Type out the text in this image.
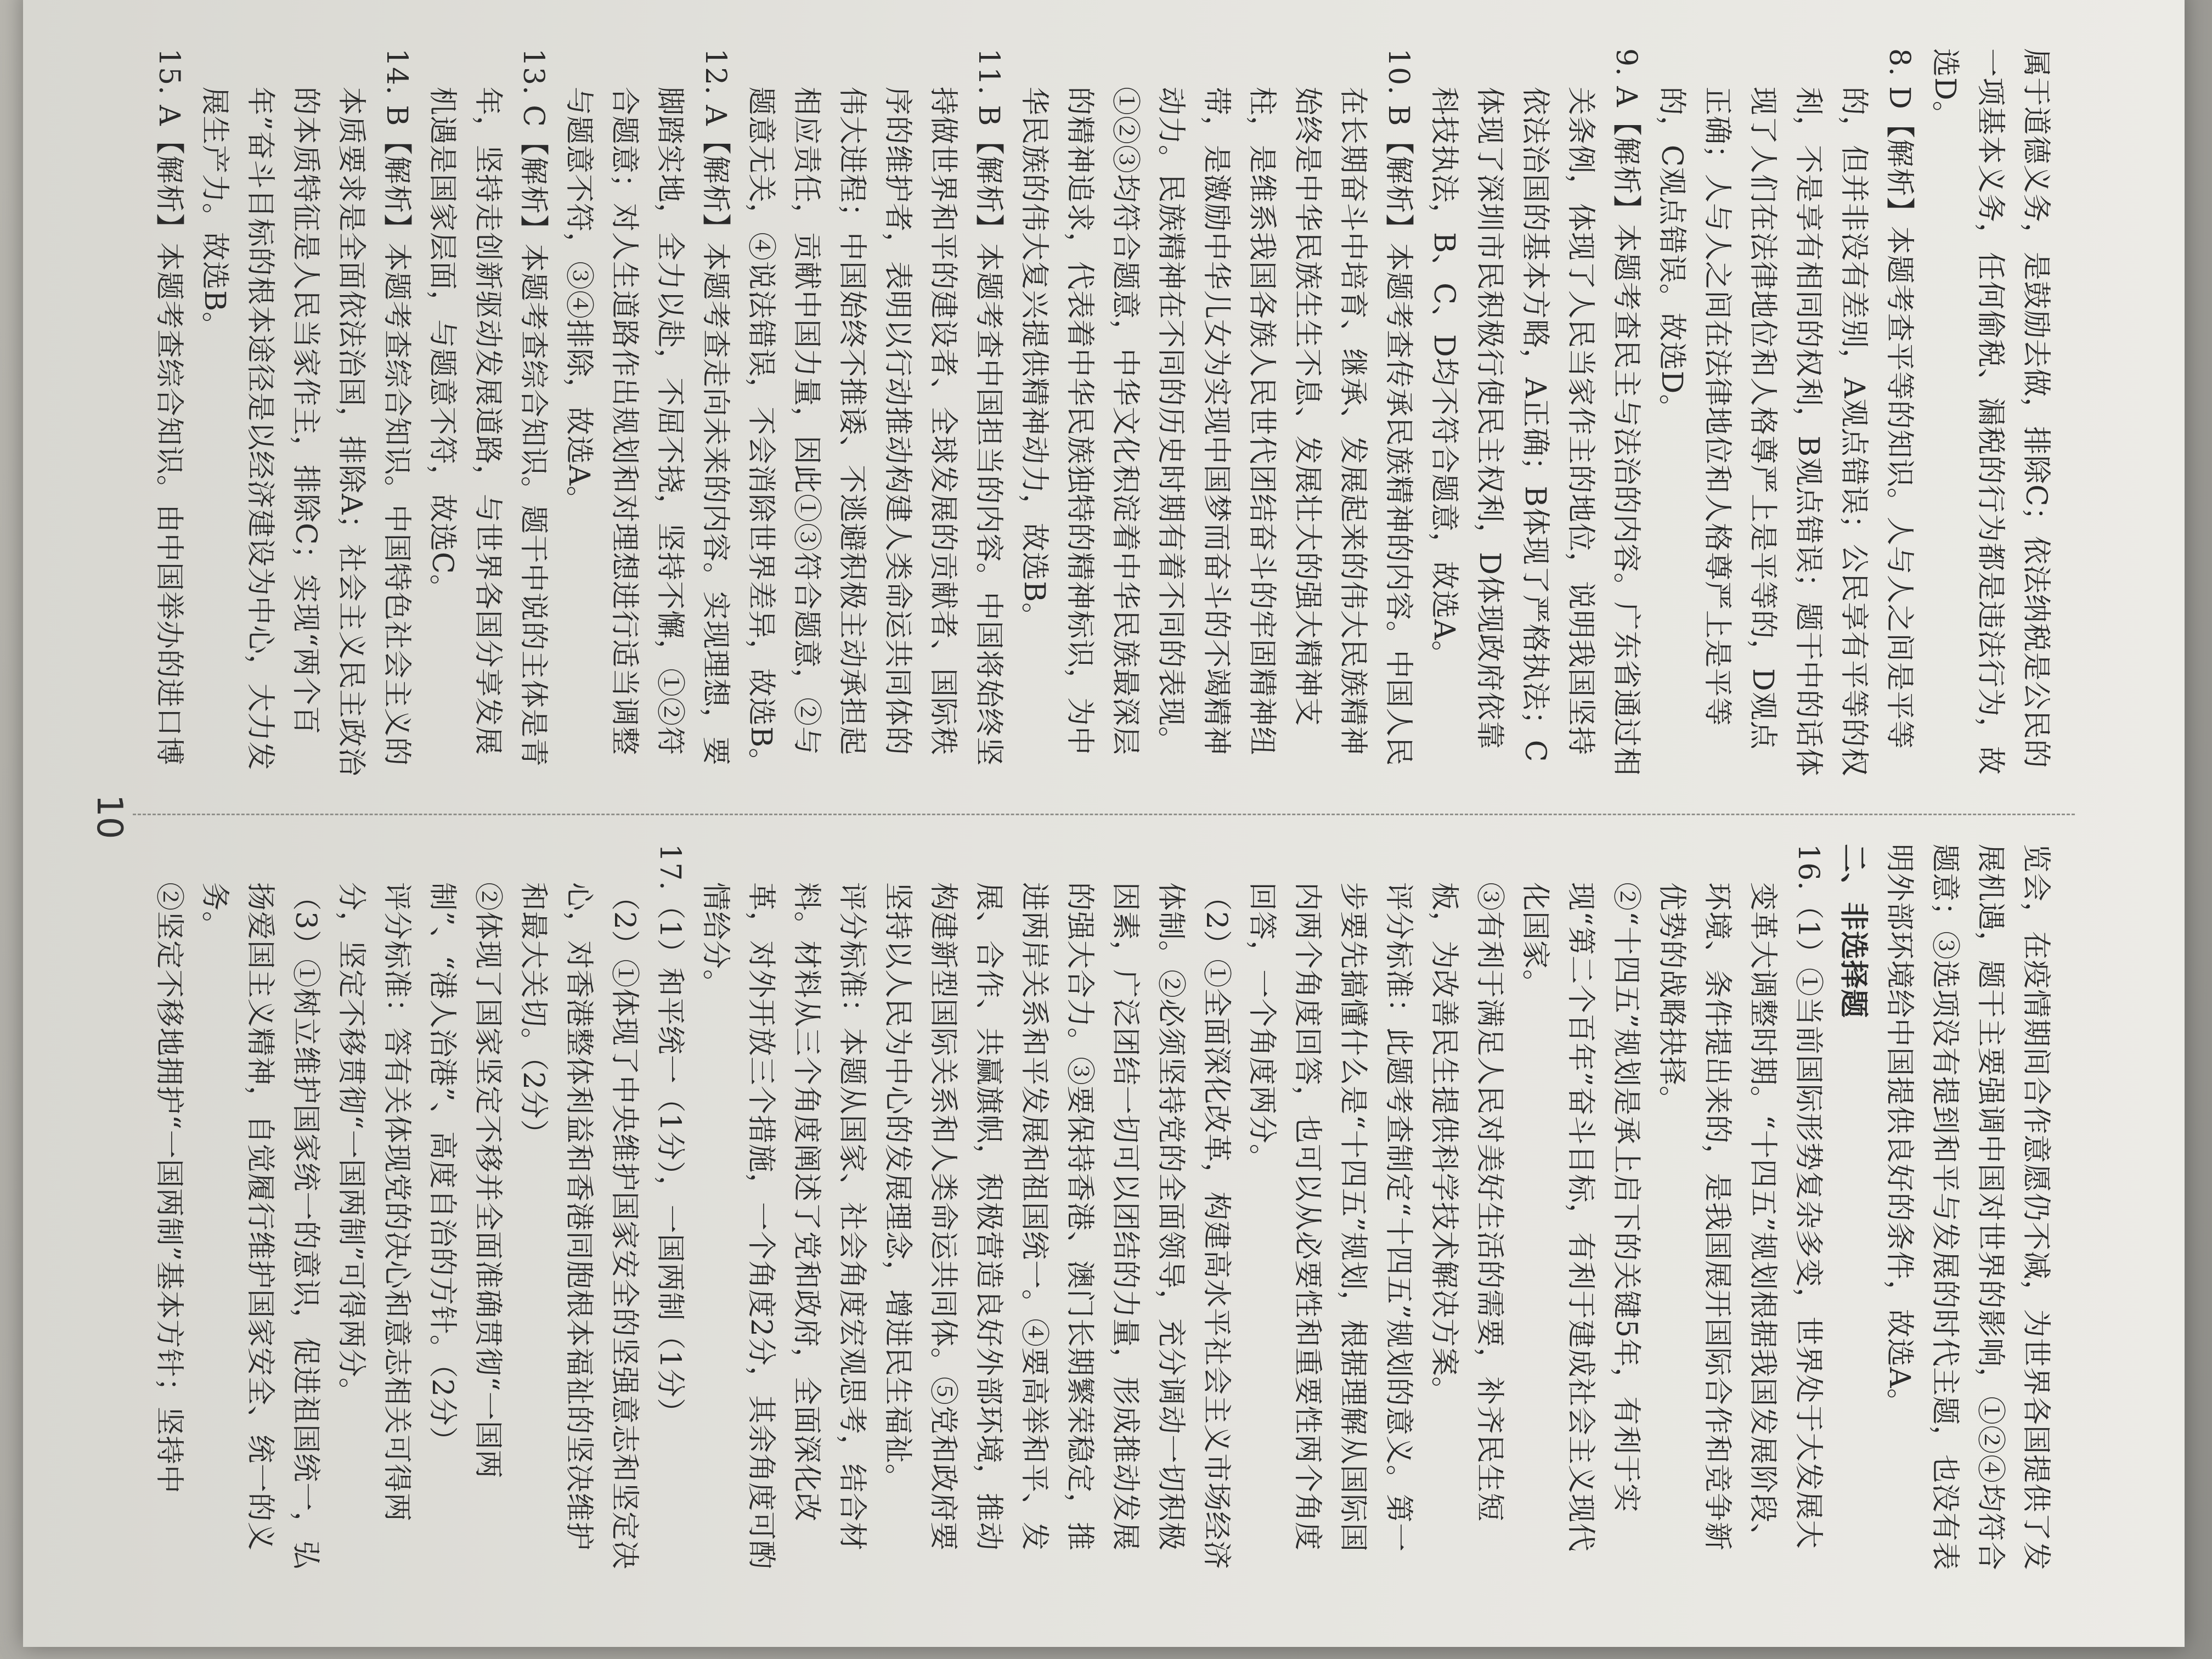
属于道德义务，是鼓励去做，排除C；依法纳税是公民的一项基本义务，任何偷税、漏税的行为都是违法行为，故选D。

8. D【解析】本题考查平等的知识。人与人之间是平等的，但并非没有差别，A观点错误；公民享有平等的权利，不是享有相同的权利，B观点错误；题干中的话体现了人们在法律地位和人格尊严上是平等的，D观点正确；人与人之间在法律地位和人格尊严上是平等的，C观点错误。故选D。

9. A【解析】本题考查民主与法治的内容。广东省通过相关条例，体现了人民当家作主的地位，说明我国坚持依法治国的基本方略，A正确；B体现了严格执法；C体现了深圳市民积极行使民主权利，D体现政府依靠科技执法，B、C、D均不符合题意，故选A。

10. B【解析】本题考查传承民族精神的内容。中国人民在长期奋斗中培育、继承、发展起来的伟大民族精神始终是中华民族生生不息、发展壮大的强大精神支柱，是维系我国各族人民世代团结奋斗的牢固精神纽带，是激励中华儿女为实现中国梦而奋斗的不竭精神动力。民族精神在不同的历史时期有着不同的表现。①②③均符合题意，中华文化积淀着中华民族最深层的精神追求，代表着中华民族独特的精神标识，为中华民族的伟大复兴提供精神动力，故选B。

11. B【解析】本题考查中国担当的内容。中国将始终坚持做世界和平的建设者、全球发展的贡献者、国际秩序的维护者，表明以行动推动构建人类命运共同体的伟大进程；中国始终不推诿、不逃避积极主动承担起相应责任，贡献中国力量，因此①③符合题意，②与题意无关，④说法错误，不会消除世界差异，故选B。

12. A【解析】本题考查走向未来的内容。实现理想，要脚踏实地，全力以赴，不屈不挠，坚持不懈，①②符合题意；对人生道路作出规划和对理想进行适当调整与题意不符，③④排除，故选A。

13. C【解析】本题考查综合知识。题干中说的主体是青年，坚持走创新驱动发展道路，与世界各国分享发展机遇是国家层面，与题意不符，故选C。

14. B【解析】本题考查综合知识。中国特色社会主义的本质要求是全面依法治国，排除A；社会主义民主政治的本质特征是人民当家作主，排除C；实现“两个百年”奋斗目标的根本途径是以经济建设为中心，大力发展生产力。故选B。

15. A【解析】本题考查综合知识。由中国举办的进口博

览会，在疫情期间合作意愿仍不减，为世界各国提供了发展机遇，题干主要强调中国对世界的影响，①②④均符合题意；③选项没有提到和平与发展的时代主题，也没有表明外部环境给中国提供良好的条件，故选A。

二、非选择题

16.（1）①当前国际形势复杂多变，世界处于大发展大变革大调整时期。“十四五”规划根据我国发展阶段、环境、条件提出来的，是我国展开国际合作和竞争新优势的战略抉择。

②“十四五”规划是承上启下的关键5年，有利于实现“第二个百年”奋斗目标，有利于建成社会主义现代化国家。

③有利于满足人民对美好生活的需要，补齐民生短板，为改善民生提供科学技术解决方案。

评分标准：此题考查制定“十四五”规划的意义。第一步要先搞懂什么是“十四五”规划，根据理解从国际国内两个角度回答，也可以从必要性和重要性两个角度回答，一个角度两分。

（2）①全面深化改革，构建高水平社会主义市场经济体制。②必须坚持党的全面领导，充分调动一切积极因素，广泛团结一切可以团结的力量，形成推动发展的强大合力。③要保持香港、澳门长期繁荣稳定，推进两岸关系和平发展和祖国统一。④要高举和平、发展、合作、共赢旗帜，积极营造良好外部环境，推动构建新型国际关系和人类命运共同体。⑤党和政府要坚持以人民为中心的发展理念，增进民生福祉。

评分标准：本题从国家、社会角度宏观思考，结合材料。材料从三个角度阐述了党和政府，全面深化改革，对外开放三个措施，一个角度2分，其余角度可酌情给分。

17.（1）和平统一（1分），一国两制（1分）

（2）①体现了中央维护国家安全的坚强意志和坚定决心，对香港整体利益和香港同胞根本福祉的坚决维护和最大关切。（2分）

②体现了国家坚定不移并全面准确贯彻“一国两制”、“港人治港”、高度自治的方针。（2分）

评分标准：答有关体现党的决心和意志相关可得两分，坚定不移贯彻“一国两制”可得两分。

（3）①树立维护国家统一的意识，促进祖国统一，弘扬爱国主义精神，自觉履行维护国家安全、统一的义务。

②坚定不移地拥护“一国两制”基本方针；坚持中

10
